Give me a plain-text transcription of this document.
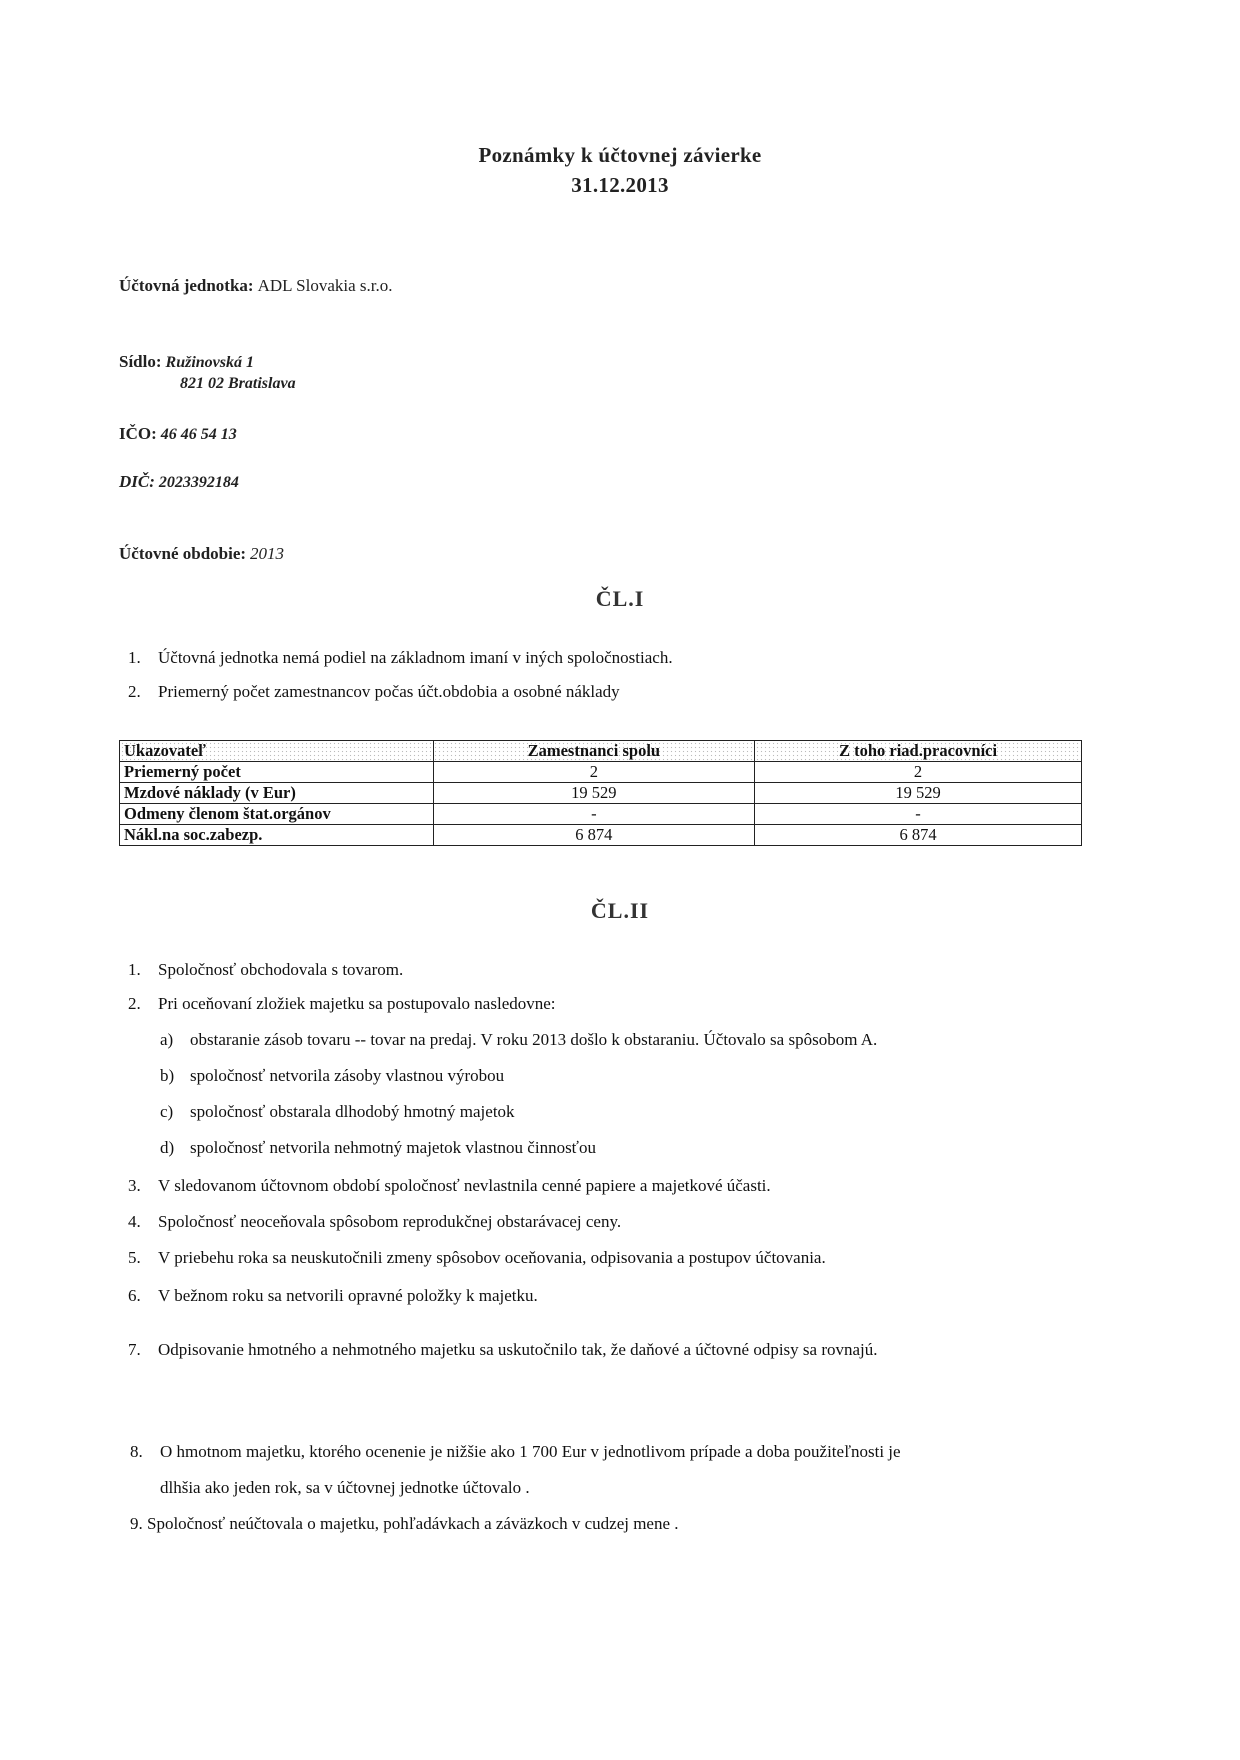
Poznámky k účtovnej závierke
31.12.2013
Účtovná jednotka: ADL Slovakia s.r.o.
Sídlo: Ružinovská 1
821 02 Bratislava
IČO: 46 46 54 13
DIČ: 2023392184
Účtovné obdobie: 2013
ČL.I
1. Účtovná jednotka nemá podiel na základnom imaní v iných spoločnostiach.
2. Priemerný počet zamestnancov počas účt.obdobia a osobné náklady
Ukazovateľ	Zamestnanci spolu	Z toho riad.pracovníci
Priemerný počet	2	2
Mzdové náklady (v Eur)	19 529	19 529
Odmeny členom štat.orgánov	-	-
Nákl.na soc.zabezp.	6 874	6 874
ČL.II
1. Spoločnosť obchodovala s tovarom.
2. Pri oceňovaní zložiek majetku sa postupovalo nasledovne:
a) obstaranie zásob tovaru -- tovar na predaj. V roku 2013 došlo k obstaraniu. Účtovalo sa spôsobom A.
b) spoločnosť netvorila zásoby vlastnou výrobou
c) spoločnosť obstarala dlhodobý hmotný majetok
d) spoločnosť netvorila nehmotný majetok vlastnou činnosťou
3. V sledovanom účtovnom období spoločnosť nevlastnila cenné papiere a majetkové účasti.
4. Spoločnosť neoceňovala spôsobom reprodukčnej obstarávacej ceny.
5. V priebehu roka sa neuskutočnili zmeny spôsobov oceňovania, odpisovania a postupov účtovania.
6. V bežnom roku sa netvorili opravné položky k majetku.
7. Odpisovanie hmotného a nehmotného majetku sa uskutočnilo tak, že daňové a účtovné odpisy sa rovnajú.
8. O hmotnom majetku, ktorého ocenenie je nižšie ako 1 700 Eur v jednotlivom prípade a doba použiteľnosti je
dlhšia ako jeden rok, sa v účtovnej jednotke účtovalo .
9. Spoločnosť neúčtovala o majetku, pohľadávkach a záväzkoch v cudzej mene .
